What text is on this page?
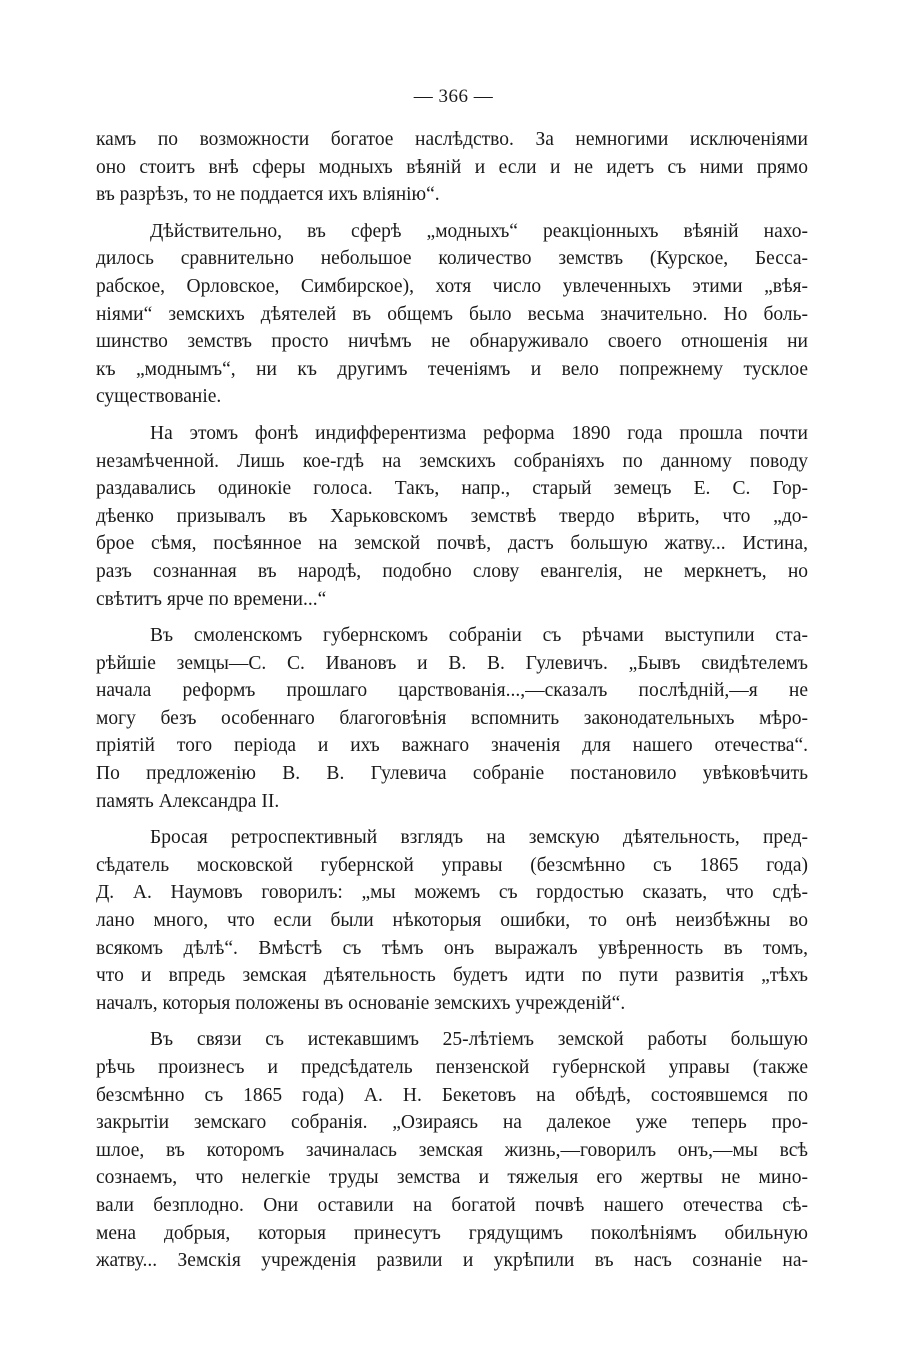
— 366 —
камъ по возможности богатое наслѣдство. За немногими исключеніями
оно стоитъ внѣ сферы модныхъ вѣяній и если и не идетъ съ ними прямо
въ разрѣзъ, то не поддается ихъ вліянію“.
Дѣйствительно, въ сферѣ „модныхъ“ реакціонныхъ вѣяній нахо-
дилось сравнительно небольшое количество земствъ (Курское, Бесса-
рабское, Орловское, Симбирское), хотя число увлеченныхъ этими „вѣя-
ніями“ земскихъ дѣятелей въ общемъ было весьма значительно. Но боль-
шинство земствъ просто ничѣмъ не обнаруживало своего отношенія ни
къ „моднымъ“, ни къ другимъ теченіямъ и вело попрежнему тусклое
существованіе.
На этомъ фонѣ индифферентизма реформа 1890 года прошла почти
незамѣченной. Лишь кое-гдѣ на земскихъ собраніяхъ по данному поводу
раздавались одинокіе голоса. Такъ, напр., старый земецъ Е. С. Гор-
дѣенко призывалъ въ Харьковскомъ земствѣ твердо вѣрить, что „до-
брое сѣмя, посѣянное на земской почвѣ, дастъ большую жатву... Истина,
разъ сознанная въ народѣ, подобно слову евангелія, не меркнетъ, но
свѣтитъ ярче по времени...“
Въ смоленскомъ губернскомъ собраніи съ рѣчами выступили ста-
рѣйшіе земцы—С. С. Ивановъ и В. В. Гулевичъ. „Бывъ свидѣтелемъ
начала реформъ прошлаго царствованія...,—сказалъ послѣдній,—я не
могу безъ особеннаго благоговѣнія вспомнить законодательныхъ мѣро-
пріятій того періода и ихъ важнаго значенія для нашего отечества“.
По предложенію В. В. Гулевича собраніе постановило увѣковѣчить
память Александра II.
Бросая ретроспективный взглядъ на земскую дѣятельность, пред-
сѣдатель московской губернской управы (безсмѣнно съ 1865 года)
Д. А. Наумовъ говорилъ: „мы можемъ съ гордостью сказать, что сдѣ-
лано много, что если были нѣкоторыя ошибки, то онѣ неизбѣжны во
всякомъ дѣлѣ“. Вмѣстѣ съ тѣмъ онъ выражалъ увѣренность въ томъ,
что и впредь земская дѣятельность будетъ идти по пути развитія „тѣхъ
началъ, которыя положены въ основаніе земскихъ учрежденій“.
Въ связи съ истекавшимъ 25-лѣтіемъ земской работы большую
рѣчь произнесъ и предсѣдатель пензенской губернской управы (также
безсмѣнно съ 1865 года) А. Н. Бекетовъ на обѣдѣ, состоявшемся по
закрытіи земскаго собранія. „Озираясь на далекое уже теперь про-
шлое, въ которомъ зачиналась земская жизнь,—говорилъ онъ,—мы всѣ
сознаемъ, что нелегкіе труды земства и тяжелыя его жертвы не мино-
вали безплодно. Они оставили на богатой почвѣ нашего отечества сѣ-
мена добрыя, которыя принесутъ грядущимъ поколѣніямъ обильную
жатву... Земскія учрежденія развили и укрѣпили въ насъ сознаніе на-
